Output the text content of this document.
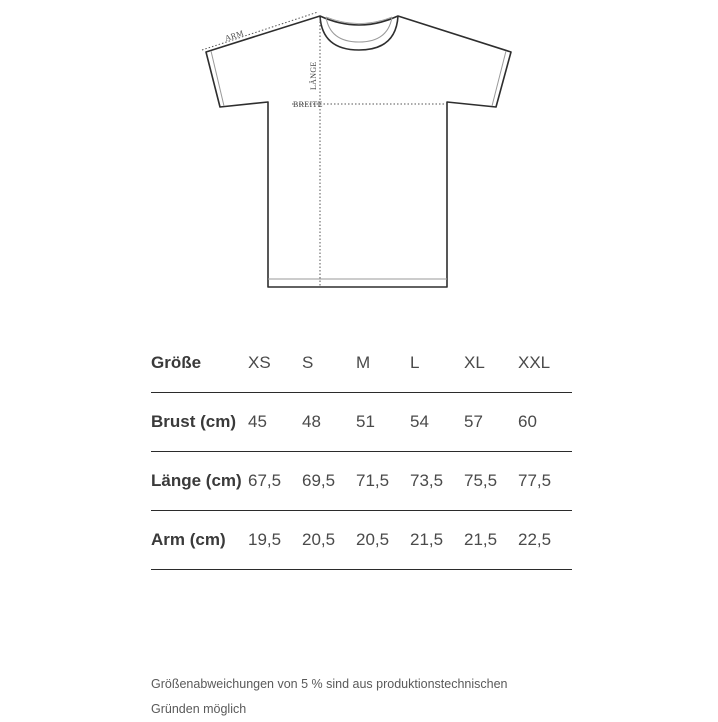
ARM
LÄNGE
BREITE
Größe	XS	S	M	L	XL	XXL
Brust (cm)	45	48	51	54	57	60
Länge (cm)	67,5	69,5	71,5	73,5	75,5	77,5
Arm (cm)	19,5	20,5	20,5	21,5	21,5	22,5
Größenabweichungen von 5 % sind aus produktionstechnischen Gründen möglich
